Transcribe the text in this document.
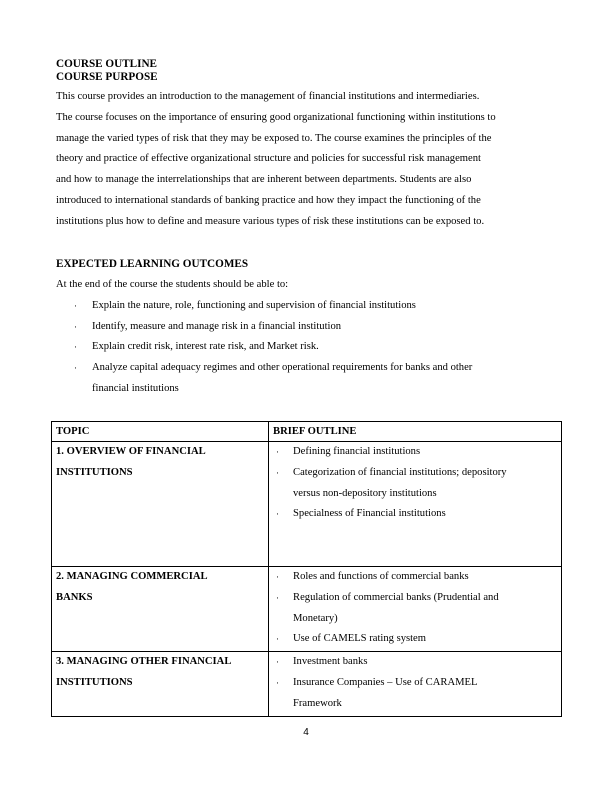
COURSE OUTLINE
COURSE PURPOSE
This course provides an introduction to the management of financial institutions and intermediaries.
The course focuses on the importance of ensuring good organizational functioning within institutions to
manage the varied types of risk that they may be exposed to. The course examines the principles of the
theory and practice of effective organizational structure and policies for successful risk management
and how to manage the interrelationships that are inherent between departments. Students are also
introduced to international standards of banking practice and how they impact the functioning of the
institutions plus how to define and measure various types of risk these institutions can be exposed to.
EXPECTED LEARNING OUTCOMES
At the end of the course the students should be able to:
· Explain the nature, role, functioning and supervision of financial institutions
· Identify, measure and manage risk in a financial institution
· Explain credit risk, interest rate risk, and Market risk.
· Analyze capital adequacy regimes and other operational requirements for banks and other
financial institutions
TOPIC	BRIEF OUTLINE

1. OVERVIEW OF FINANCIAL
INSTITUTIONS

· Defining financial institutions
· Categorization of financial institutions; depository
versus non-depository institutions
· Specialness of Financial institutions

2. MANAGING COMMERCIAL
BANKS

· Roles and functions of commercial banks
· Regulation of commercial banks (Prudential and
Monetary)
· Use of CAMELS rating system

3. MANAGING OTHER FINANCIAL
INSTITUTIONS

· Investment banks
· Insurance Companies – Use of CARAMEL
Framework
4
